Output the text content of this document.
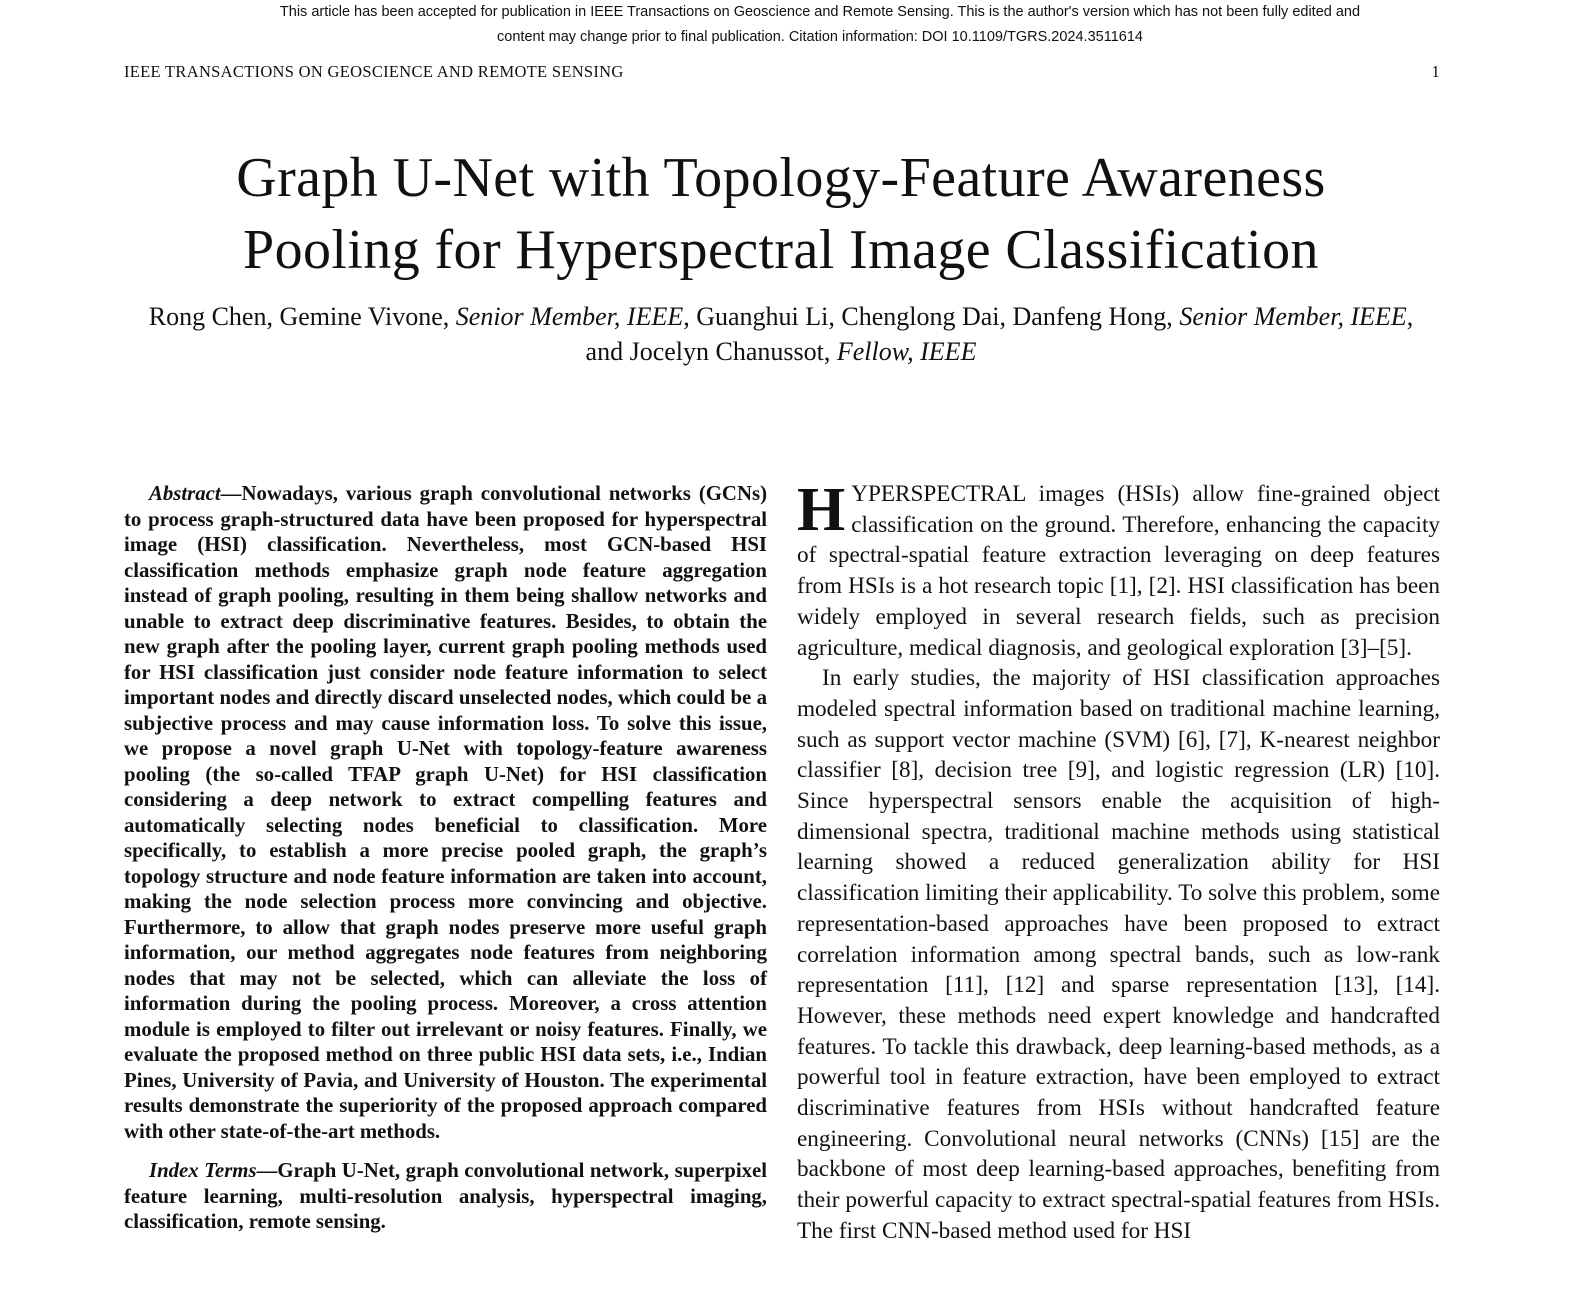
This article has been accepted for publication in IEEE Transactions on Geoscience and Remote Sensing. This is the author's version which has not been fully edited and
content may change prior to final publication. Citation information: DOI 10.1109/TGRS.2024.3511614
IEEE TRANSACTIONS ON GEOSCIENCE AND REMOTE SENSING	1
Graph U-Net with Topology-Feature Awareness
Pooling for Hyperspectral Image Classification
Rong Chen, Gemine Vivone, Senior Member, IEEE, Guanghui Li, Chenglong Dai, Danfeng Hong, Senior Member, IEEE, and Jocelyn Chanussot, Fellow, IEEE

Abstract—Nowadays, various graph convolutional networks (GCNs) to process graph-structured data have been proposed for hyperspectral image (HSI) classification. Nevertheless, most GCN-based HSI classification methods emphasize graph node feature aggregation instead of graph pooling, resulting in them being shallow networks and unable to extract deep discriminative features. Besides, to obtain the new graph after the pooling layer, current graph pooling methods used for HSI classification just consider node feature information to select important nodes and directly discard unselected nodes, which could be a subjective process and may cause information loss. To solve this issue, we propose a novel graph U-Net with topology-feature awareness pooling (the so-called TFAP graph U-Net) for HSI classification considering a deep network to extract compelling features and automatically selecting nodes beneficial to classification. More specifically, to establish a more precise pooled graph, the graph’s topology structure and node feature information are taken into account, making the node selection process more convincing and objective. Furthermore, to allow that graph nodes preserve more useful graph information, our method aggregates node features from neighboring nodes that may not be selected, which can alleviate the loss of information during the pooling process. Moreover, a cross attention module is employed to filter out irrelevant or noisy features. Finally, we evaluate the proposed method on three public HSI data sets, i.e., Indian Pines, University of Pavia, and University of Houston. The experimental results demonstrate the superiority of the proposed approach compared with other state-of-the-art methods.

Index Terms—Graph U-Net, graph convolutional network, superpixel feature learning, multi-resolution analysis, hyperspectral imaging, classification, remote sensing.

HYPERSPECTRAL images (HSIs) allow fine-grained object classification on the ground. Therefore, enhancing the capacity of spectral-spatial feature extraction leveraging on deep features from HSIs is a hot research topic [1], [2]. HSI classification has been widely employed in several research fields, such as precision agriculture, medical diagnosis, and geological exploration [3]–[5].

In early studies, the majority of HSI classification approaches modeled spectral information based on traditional machine learning, such as support vector machine (SVM) [6], [7], K-nearest neighbor classifier [8], decision tree [9], and logistic regression (LR) [10]. Since hyperspectral sensors enable the acquisition of high-dimensional spectra, traditional machine methods using statistical learning showed a reduced generalization ability for HSI classification limiting their applicability. To solve this problem, some representation-based approaches have been proposed to extract correlation information among spectral bands, such as low-rank representation [11], [12] and sparse representation [13], [14]. However, these methods need expert knowledge and handcrafted features. To tackle this drawback, deep learning-based methods, as a powerful tool in feature extraction, have been employed to extract discriminative features from HSIs without handcrafted feature engineering. Convolutional neural networks (CNNs) [15] are the backbone of most deep learning-based approaches, benefiting from their powerful capacity to extract spectral-spatial features from HSIs. The first CNN-based method used for HSI
